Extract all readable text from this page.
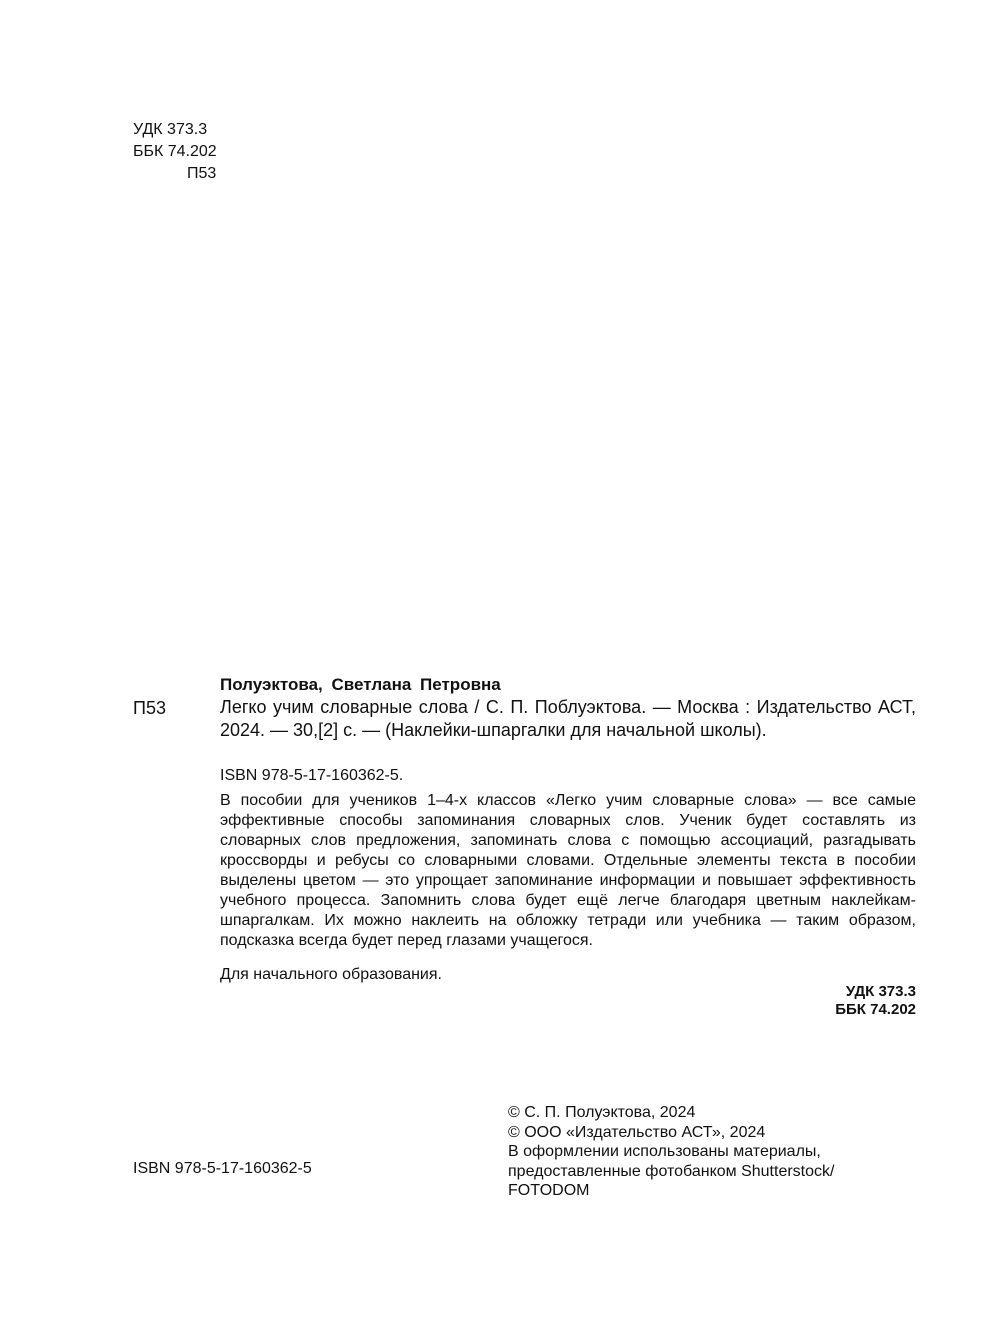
УДК 373.3
ББК 74.202
П53
Полуэктова, Светлана Петровна
П53	Легко учим словарные слова / С. П. Поблуэктова. — Москва : Издательство АСТ, 2024. — 30,[2] с. — (Наклейки-шпаргалки для начальной школы).
ISBN 978-5-17-160362-5.
В пособии для учеников 1–4-х классов «Легко учим словарные слова» — все самые эффективные способы запоминания словарных слов. Ученик будет составлять из словарных слов предложения, запоминать слова с помощью ассоциаций, разгадывать кроссворды и ребусы со словарными словами. Отдельные элементы текста в пособии выделены цветом — это упрощает запоминание информации и повышает эффективность учебного процесса. Запомнить слова будет ещё легче благодаря цветным наклейкам-шпаргалкам. Их можно наклеить на обложку тетради или учебника — таким образом, подсказка всегда будет перед глазами учащегося.
Для начального образования.
УДК 373.3
ББК 74.202
ISBN 978-5-17-160362-5
© С. П. Полуэктова, 2024
© ООО «Издательство АСТ», 2024
В оформлении использованы материалы,
предоставленные фотобанком Shutterstock/
FOTODOM
